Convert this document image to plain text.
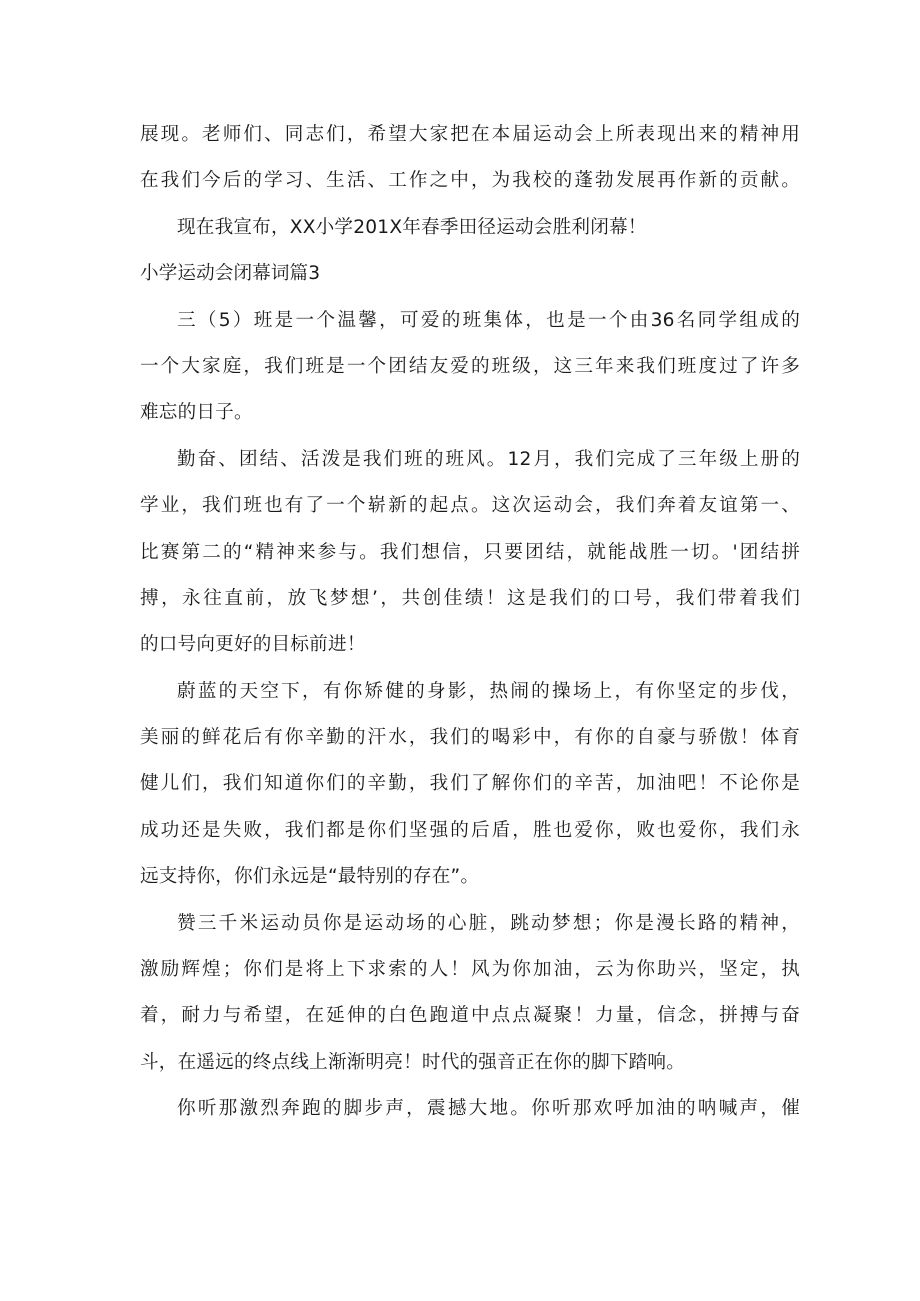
展现。老师们、同志们，希望大家把在本届运动会上所表现出来的精神用
在我们今后的学习、生活、工作之中，为我校的蓬勃发展再作新的贡献。
现在我宣布，XX小学201X年春季田径运动会胜利闭幕！
小学运动会闭幕词篇3
三（5）班是一个温馨，可爱的班集体，也是一个由36名同学组成的
一个大家庭，我们班是一个团结友爱的班级，这三年来我们班度过了许多
难忘的日子。
勤奋、团结、活泼是我们班的班风。12月，我们完成了三年级上册的
学业，我们班也有了一个崭新的起点。这次运动会，我们奔着友谊第一、
比赛第二的“精神来参与。我们想信，只要团结，就能战胜一切。'团结拼
搏，永往直前，放飞梦想’，共创佳绩！这是我们的口号，我们带着我们
的口号向更好的目标前进！
蔚蓝的天空下，有你矫健的身影，热闹的操场上，有你坚定的步伐，
美丽的鲜花后有你辛勤的汗水，我们的喝彩中，有你的自豪与骄傲！体育
健儿们，我们知道你们的辛勤，我们了解你们的辛苦，加油吧！不论你是
成功还是失败，我们都是你们坚强的后盾，胜也爱你，败也爱你，我们永
远支持你，你们永远是“最特别的存在”。
赞三千米运动员你是运动场的心脏，跳动梦想；你是漫长路的精神，
激励辉煌；你们是将上下求索的人！风为你加油，云为你助兴，坚定，执
着，耐力与希望，在延伸的白色跑道中点点凝聚！力量，信念，拼搏与奋
斗，在遥远的终点线上渐渐明亮！时代的强音正在你的脚下踏响。
你听那激烈奔跑的脚步声，震撼大地。你听那欢呼加油的呐喊声，催
